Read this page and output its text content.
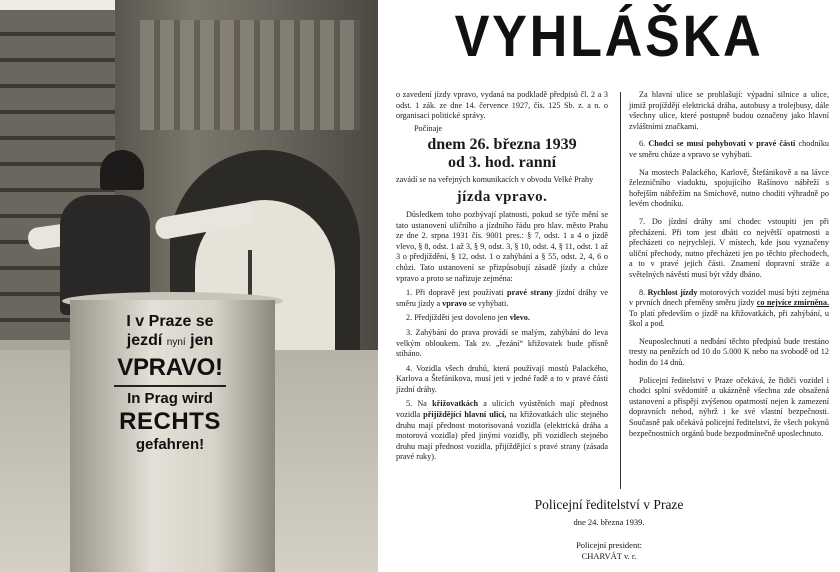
I v Praze se
jezdí nyní jen
VPRAVO!
In Prag wird
RECHTS
gefahren!
VYHLÁŠKA

o zavedení jízdy vpravo, vydaná na podkladě předpisů čl. 2 a 3 odst. 1 zák. ze dne 14. července 1927, čís. 125 Sb. z. a n. o organisaci politické správy.

Počínaje

dnem 26. března 1939
od 3. hod. ranní

zavádí se na veřejných komunikacích v obvodu Velké Prahy

jízda vpravo.

Důsledkem toho pozbývají platnosti, pokud se týče mění se tato ustanovení uličního a jízdního řádu pro hlav. město Prahu ze dne 2. srpna 1931 čís. 9001 pres.: § 7, odst. 1 a 4 o jízdě vlevo, § 8, odst. 1 až 3, § 9, odst. 3, § 10, odst. 4, § 11, odst. 1 až 3 o předjíždění, § 12, odst. 1 o zahýbání a § 55, odst. 2, 4, 6 o chůzi. Tato ustanovení se přizpůsobují zásadě jízdy a chůze vpravo a proto se nařizuje zejména:

1. Při dopravě jest používati pravé strany jízdní dráhy ve směru jízdy a vpravo se vyhýbati.

2. Předjížděti jest dovoleno jen vlevo.

3. Zahýbání do prava provádí se malým, zahýbání do leva velkým obloukem. Tak zv. „řezání“ křižovatek bude přísně stíháno.

4. Vozidla všech druhů, která používají mostů Palackého, Karlova a Štefánikova, musí jeti v jedné řadě a to v pravé části jízdní dráhy.

5. Na křižovatkách a ulicích vyústěních mají přednost vozidla přijíždějící hlavní ulicí, na křižovatkách ulic stejného druhu mají přednost motorisovaná vozidla (elektrická dráha a motorová vozidla) před jinými vozidly, při vozidlech stejného druhu mají přednost vozidla, přijíždějící s pravé strany (zásada pravé ruky).

Za hlavní ulice se prohlašují: výpadní silnice a ulice, jimiž projíždějí elektrická dráha, autobusy a trolejbusy, dále všechny ulice, které postupně budou označeny jako hlavní zvláštními značkami.

6. Chodci se musí pohybovati v pravé části chodníku ve směru chůze a vpravo se vyhýbati.

Na mostech Palackého, Karlově, Štefánikově a na lávce železničního viaduktu, spojujícího Rašínovo nábřeží s hořejším nábřežím na Smíchově, nutno choditi výhradně po levém chodníku.

7. Do jízdní dráhy smí chodec vstoupiti jen při přecházení. Při tom jest dbáti co největší opatrnosti a přecházeti co nejrychleji. V místech, kde jsou vyznačeny uliční přechody, nutno přecházeti jen po těchto přechodech, a to v pravé jejich části. Znamení dopravní stráže a světelných návěstí musí být vždy dbáno.

8. Rychlost jízdy motorových vozidel musí býti zejména v prvních dnech přeměny směru jízdy co nejvíce zmírněna. To platí především o jízdě na křižovatkách, při zahýbání, u škol a pod.

Neuposlechnutí a nedbání těchto předpisů bude trestáno tresty na penězích od 10 do 5.000 K nebo na svobodě od 12 hodin do 14 dnů.

Policejní ředitelství v Praze očekává, že řidiči vozidel i chodci splní svědomitě a ukázněně všechna zde obsažená ustanovení a přispějí zvýšenou opatrností nejen k zamezení dopravních nehod, nýbrž i ke své vlastní bezpečnosti. Současně pak očekává policejní ředitelství, že všech pokynů bezpečnostních orgánů bude bezpodmínečně uposlechnuto.

Policejní ředitelství v Praze
dne 24. března 1939.
Policejní president:
CHARVÁT v. r.
